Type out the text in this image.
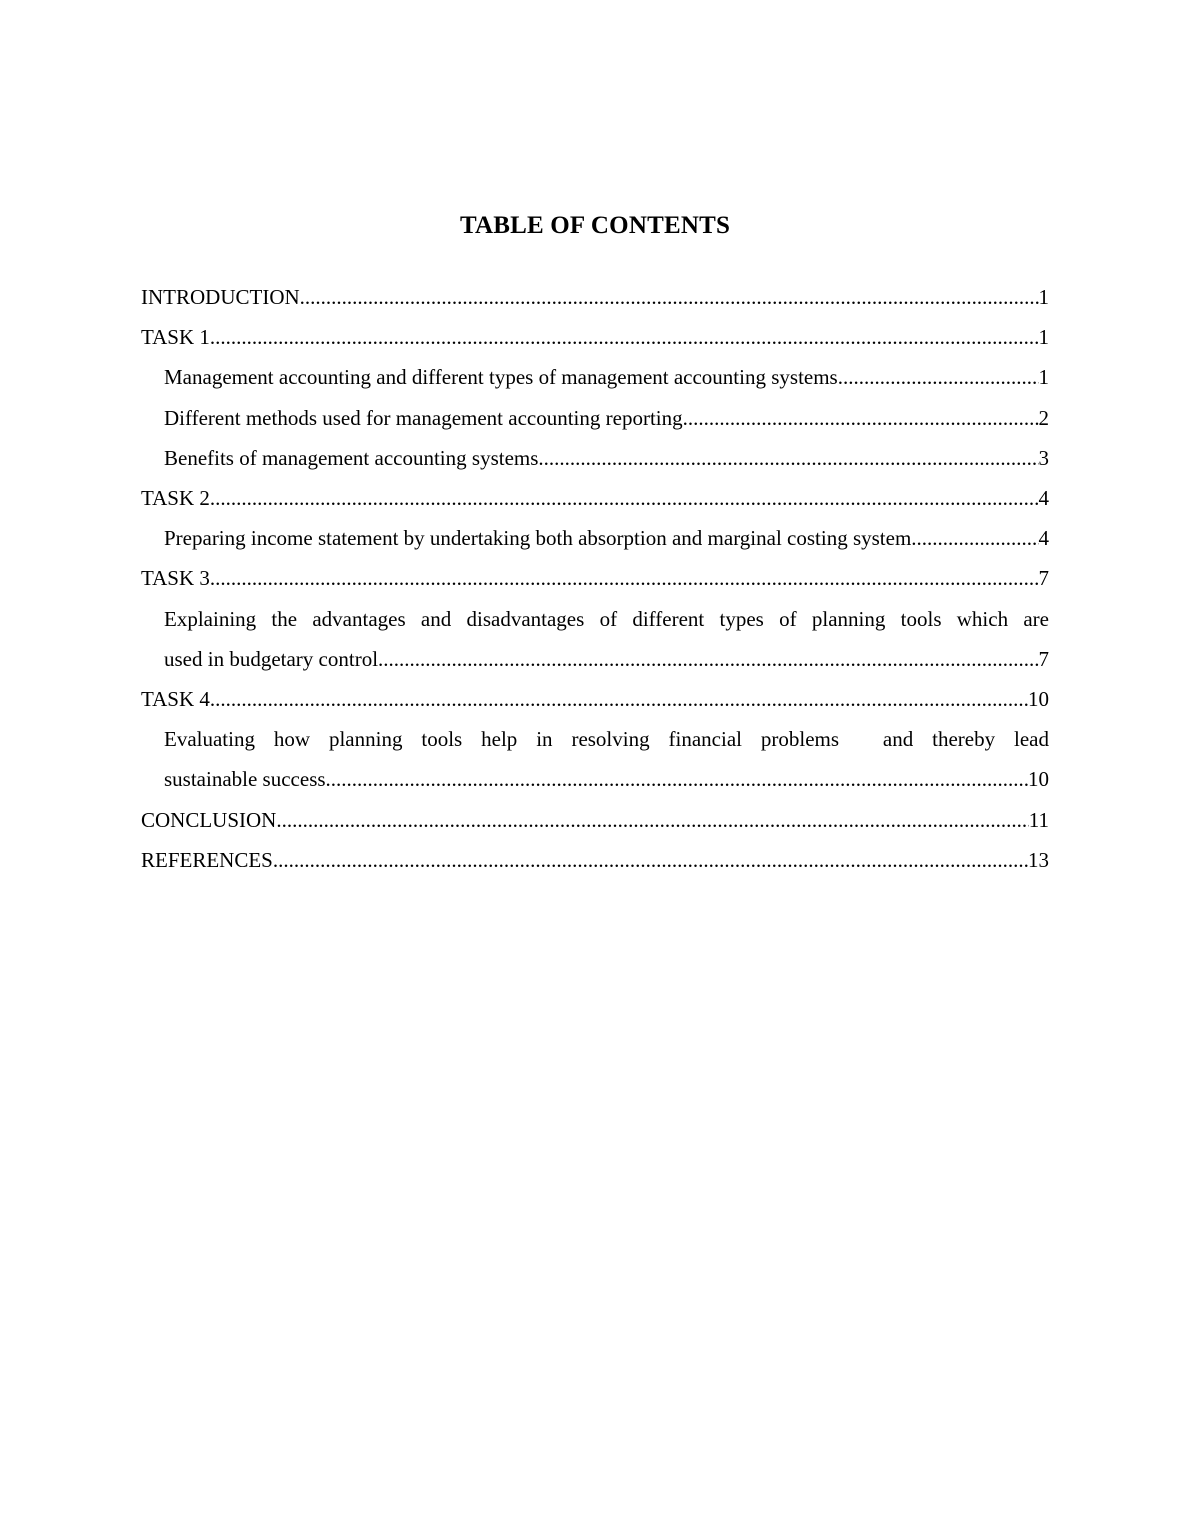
TABLE OF CONTENTS
INTRODUCTION .....	1
TASK 1 .....	1
Management accounting and different types of management accounting systems .....	1
Different methods used for management accounting reporting .....	2
Benefits of management accounting systems .....	3
TASK 2 .....	4
Preparing income statement by undertaking both absorption and marginal costing system .....	4
TASK 3 .....	7
Explaining the advantages and disadvantages of different types of planning tools which are
used in budgetary control .....	7
TASK 4 .....	10
Evaluating how planning tools help in resolving financial problems and thereby lead
sustainable success .....	10
CONCLUSION .....	11
REFERENCES .....	13
